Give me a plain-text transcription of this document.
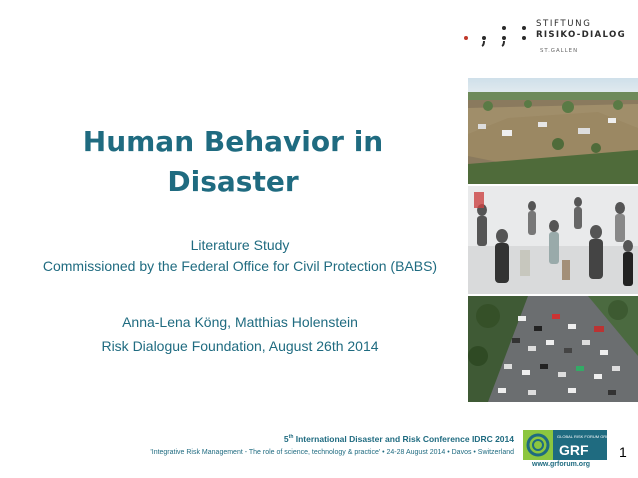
STIFTUNG
RISIKO-DIALOG
ST.GALLEN
Human Behavior in Disaster
Literature Study
Commissioned by the Federal Office for Civil Protection (BABS)
Anna-Lena Köng, Matthias Holenstein
Risk Dialogue Foundation, August 26th 2014
5th International Disaster and Risk Conference IDRC 2014
'Integrative Risk Management - The role of science, technology & practice' • 24-28 August 2014 • Davos • Switzerland
GLOBAL RISK FORUM GRF DAVOS
GRF
www.grforum.org
1
